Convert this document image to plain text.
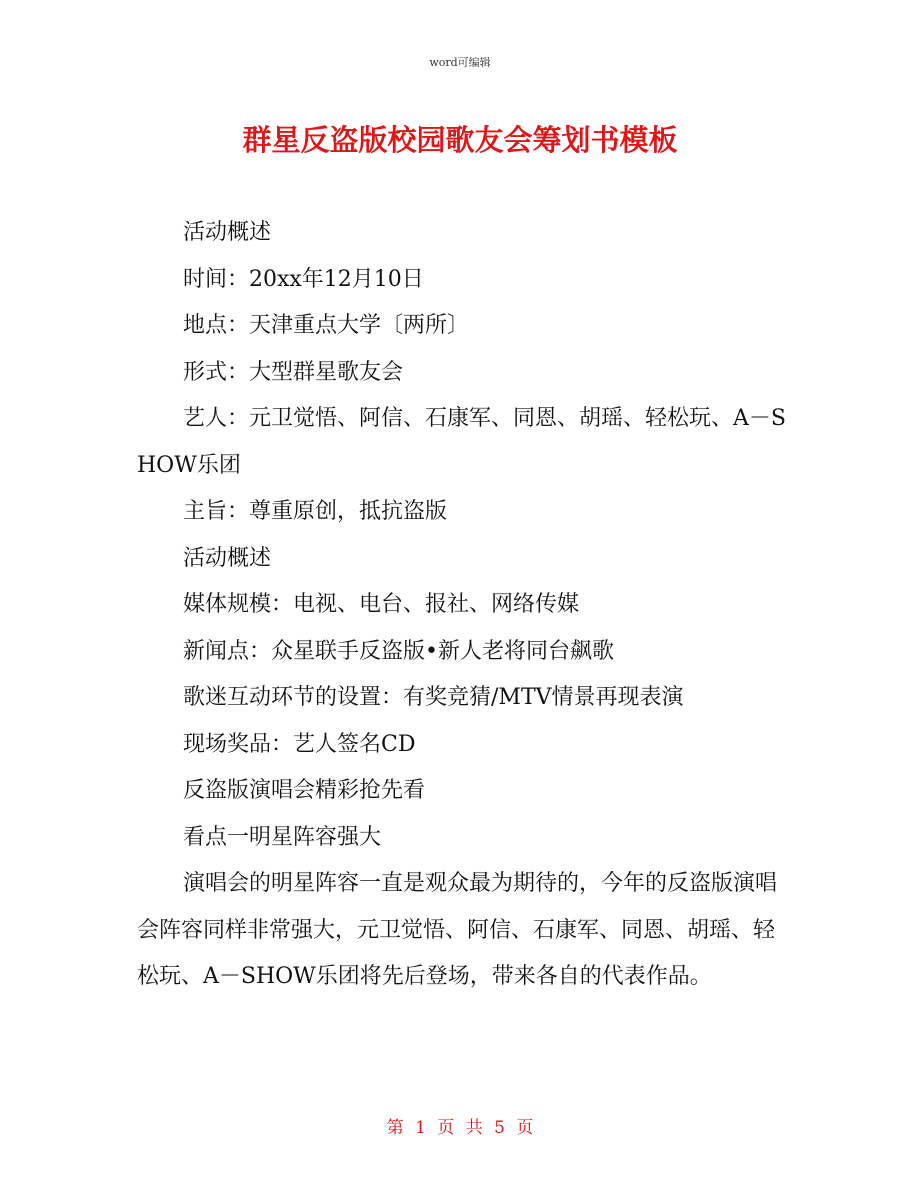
word可编辑
群星反盗版校园歌友会筹划书模板

活动概述

时间：20xx年12月10日

地点：天津重点大学〔两所〕

形式：大型群星歌友会

艺人：元卫觉悟、阿信、石康军、同恩、胡瑶、轻松玩、A－SHOW乐团

主旨：尊重原创，抵抗盗版

活动概述

媒体规模：电视、电台、报社、网络传媒

新闻点：众星联手反盗版•新人老将同台飙歌

歌迷互动环节的设置：有奖竞猜/MTV情景再现表演

现场奖品：艺人签名CD

反盗版演唱会精彩抢先看

看点一明星阵容强大

演唱会的明星阵容一直是观众最为期待的，今年的反盗版演唱会阵容同样非常强大，元卫觉悟、阿信、石康军、同恩、胡瑶、轻松玩、A－SHOW乐团将先后登场，带来各自的代表作品。

第 1 页 共 5 页
